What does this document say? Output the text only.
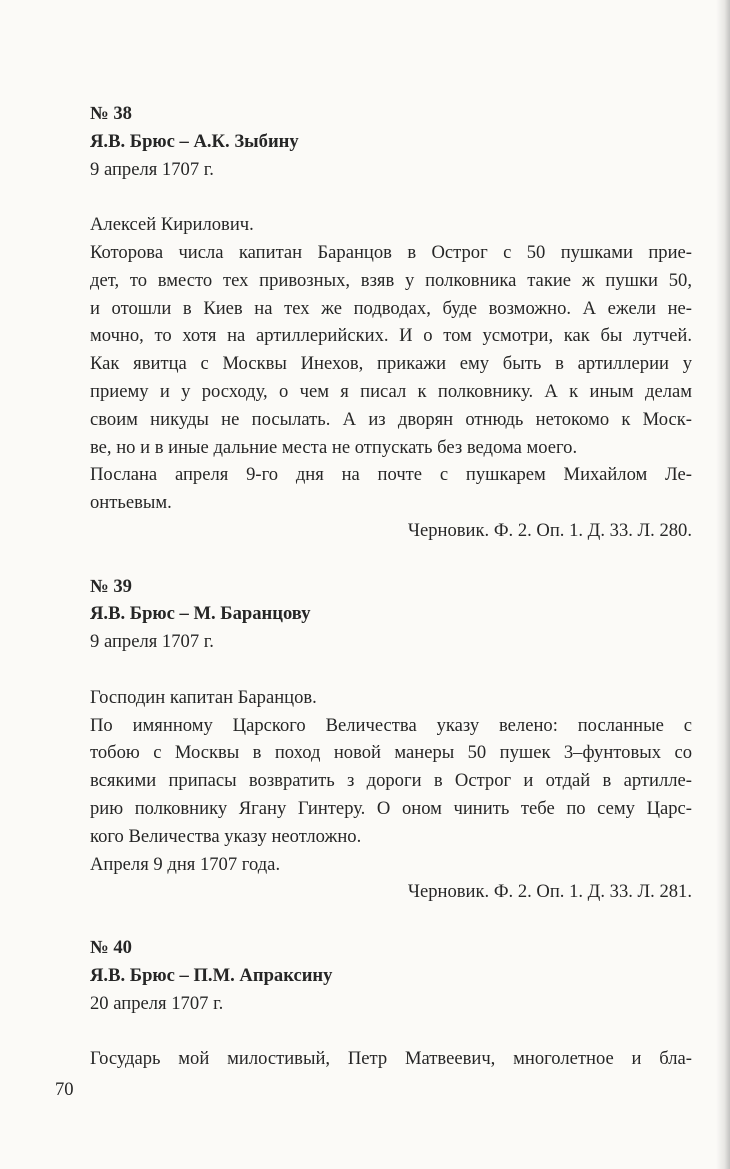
№ 38

Я.В. Брюс – А.К. Зыбину

9 апреля 1707 г.

Алексей Кирилович.

Которова числа капитан Баранцов в Острог с 50 пушками прие-
дет, то вместо тех привозных, взяв у полковника такие ж пушки 50,
и отошли в Киев на тех же подводах, буде возможно. А ежели не-
мочно, то хотя на артиллерийских. И о том усмотри, как бы лутчей.
Как явитца с Москвы Инехов, прикажи ему быть в артиллерии у
приему и у росходу, о чем я писал к полковнику. А к иным делам
своим никуды не посылать. А из дворян отнюдь нетокомо к Моск-
ве, но и в иные дальние места не отпускать без ведома моего.

Послана апреля 9-го дня на почте с пушкарем Михайлом Ле-
онтьевым.

Черновик. Ф. 2. Оп. 1. Д. 33. Л. 280.

№ 39

Я.В. Брюс – М. Баранцову

9 апреля 1707 г.

Господин капитан Баранцов.

По имянному Царского Величества указу велено: посланные с
тобою с Москвы в поход новой манеры 50 пушек 3–фунтовых со
всякими припасы возвратить з дороги в Острог и отдай в артилле-
рию полковнику Ягану Гинтеру. О оном чинить тебе по сему Царс-
кого Величества указу неотложно.

Апреля 9 дня 1707 года.

Черновик. Ф. 2. Оп. 1. Д. 33. Л. 281.

№ 40

Я.В. Брюс – П.М. Апраксину

20 апреля 1707 г.

Государь мой милостивый, Петр Матвеевич, многолетное и бла-

70
